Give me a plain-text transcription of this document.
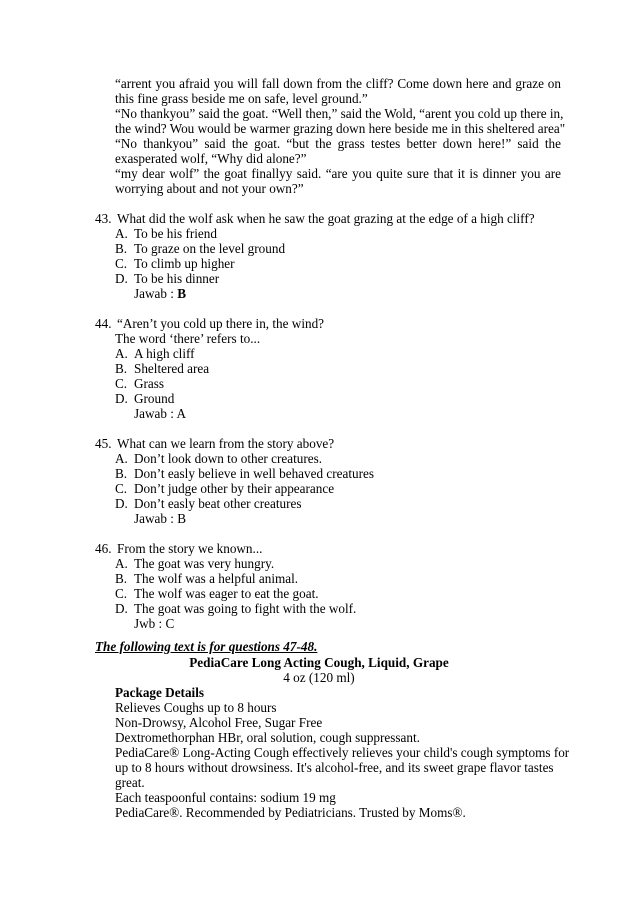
“arrent you afraid you will fall down from the cliff? Come down here and graze on
this fine grass beside me on safe, level ground.”
“No thankyou” said the goat. “Well then,” said the Wold, “arent you cold up there in,
the wind? Wou would be warmer grazing down here beside me in this sheltered area"
“No thankyou” said the goat. “but the grass testes better down here!” said the
exasperated wolf, “Why did alone?”
“my dear wolf” the goat finallyy said. “are you quite sure that it is dinner you are
worrying about and not your own?”
43. What did the wolf ask when he saw the goat grazing at the edge of a high cliff?
A. To be his friend
B. To graze on the level ground
C. To climb up higher
D. To be his dinner
Jawab : B
44. “Aren’t you cold up there in, the wind?
The word ‘there’ refers to...
A. A high cliff
B. Sheltered area
C. Grass
D. Ground
Jawab : A
45. What can we learn from the story above?
A. Don’t look down to other creatures.
B. Don’t easly believe in well behaved creatures
C. Don’t judge other by their appearance
D. Don’t easly beat other creatures
Jawab : B
46. From the story we known...
A. The goat was very hungry.
B. The wolf was a helpful animal.
C. The wolf was eager to eat the goat.
D. The goat was going to fight with the wolf.
Jwb : C
The following text is for questions 47-48.
PediaCare Long Acting Cough, Liquid, Grape
4 oz (120 ml)
Package Details
Relieves Coughs up to 8 hours
Non-Drowsy, Alcohol Free, Sugar Free
Dextromethorphan HBr, oral solution, cough suppressant.
PediaCare® Long-Acting Cough effectively relieves your child's cough symptoms for
up to 8 hours without drowsiness. It's alcohol-free, and its sweet grape flavor tastes
great.
Each teaspoonful contains: sodium 19 mg
PediaCare®. Recommended by Pediatricians. Trusted by Moms®.
